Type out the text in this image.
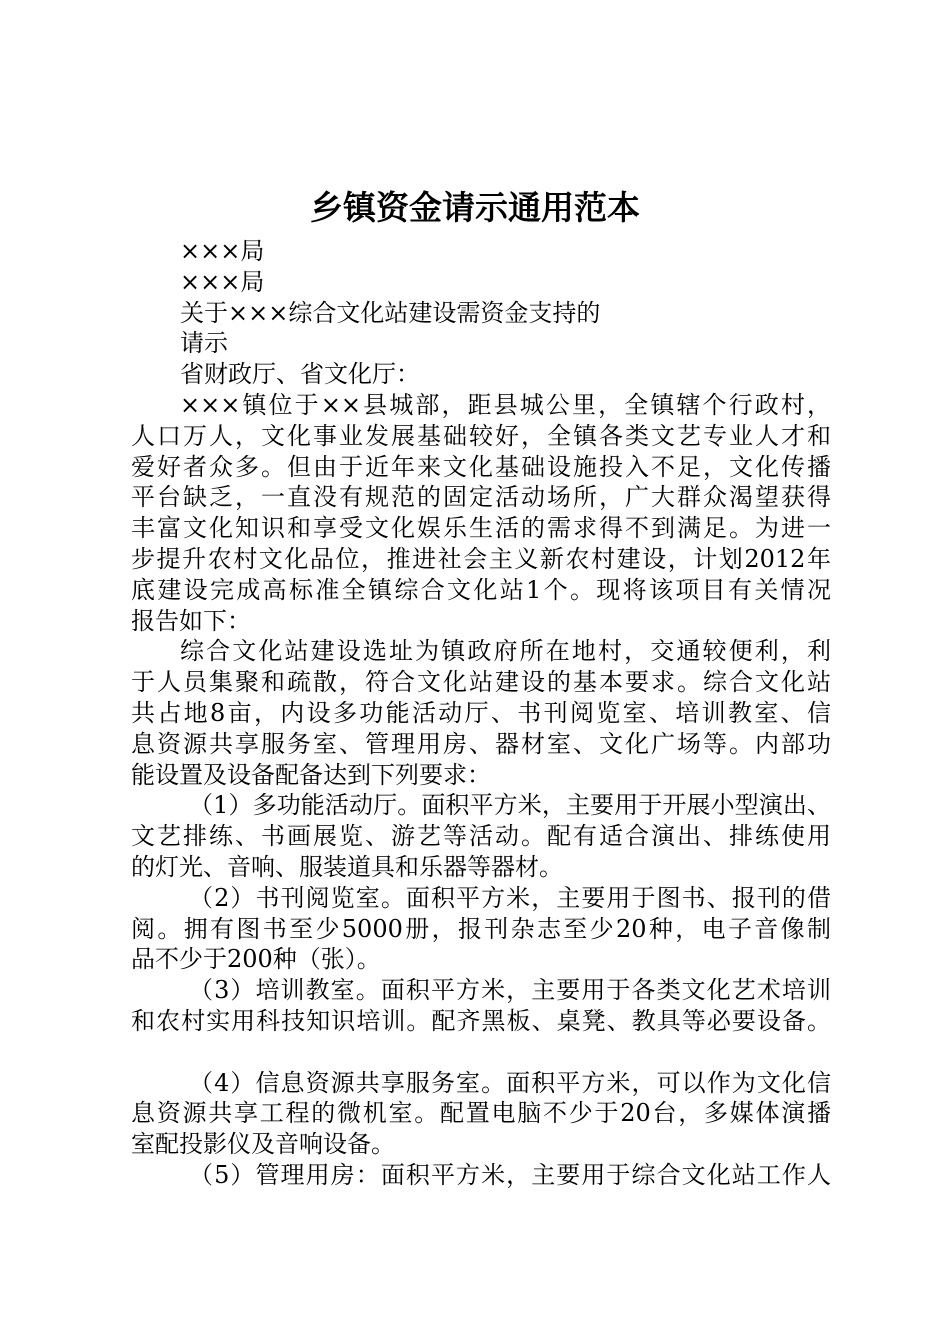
乡镇资金请示通用范本
×××局
×××局
关于×××综合文化站建设需资金支持的
请示
省财政厅、省文化厅：
×××镇位于××县城部，距县城公里，全镇辖个行政村，
人口万人，文化事业发展基础较好，全镇各类文艺专业人才和
爱好者众多。但由于近年来文化基础设施投入不足，文化传播
平台缺乏，一直没有规范的固定活动场所，广大群众渴望获得
丰富文化知识和享受文化娱乐生活的需求得不到满足。为进一
步提升农村文化品位，推进社会主义新农村建设，计划2012年
底建设完成高标准全镇综合文化站1个。现将该项目有关情况
报告如下：
综合文化站建设选址为镇政府所在地村，交通较便利，利
于人员集聚和疏散，符合文化站建设的基本要求。综合文化站
共占地8亩，内设多功能活动厅、书刊阅览室、培训教室、信
息资源共享服务室、管理用房、器材室、文化广场等。内部功
能设置及设备配备达到下列要求：
（1）多功能活动厅。面积平方米，主要用于开展小型演出、
文艺排练、书画展览、游艺等活动。配有适合演出、排练使用
的灯光、音响、服装道具和乐器等器材。
（2）书刊阅览室。面积平方米，主要用于图书、报刊的借
阅。拥有图书至少5000册，报刊杂志至少20种，电子音像制
品不少于200种（张）。
（3）培训教室。面积平方米，主要用于各类文化艺术培训
和农村实用科技知识培训。配齐黑板、桌凳、教具等必要设备。
（4）信息资源共享服务室。面积平方米，可以作为文化信
息资源共享工程的微机室。配置电脑不少于20台，多媒体演播
室配投影仪及音响设备。
（5）管理用房：面积平方米，主要用于综合文化站工作人
